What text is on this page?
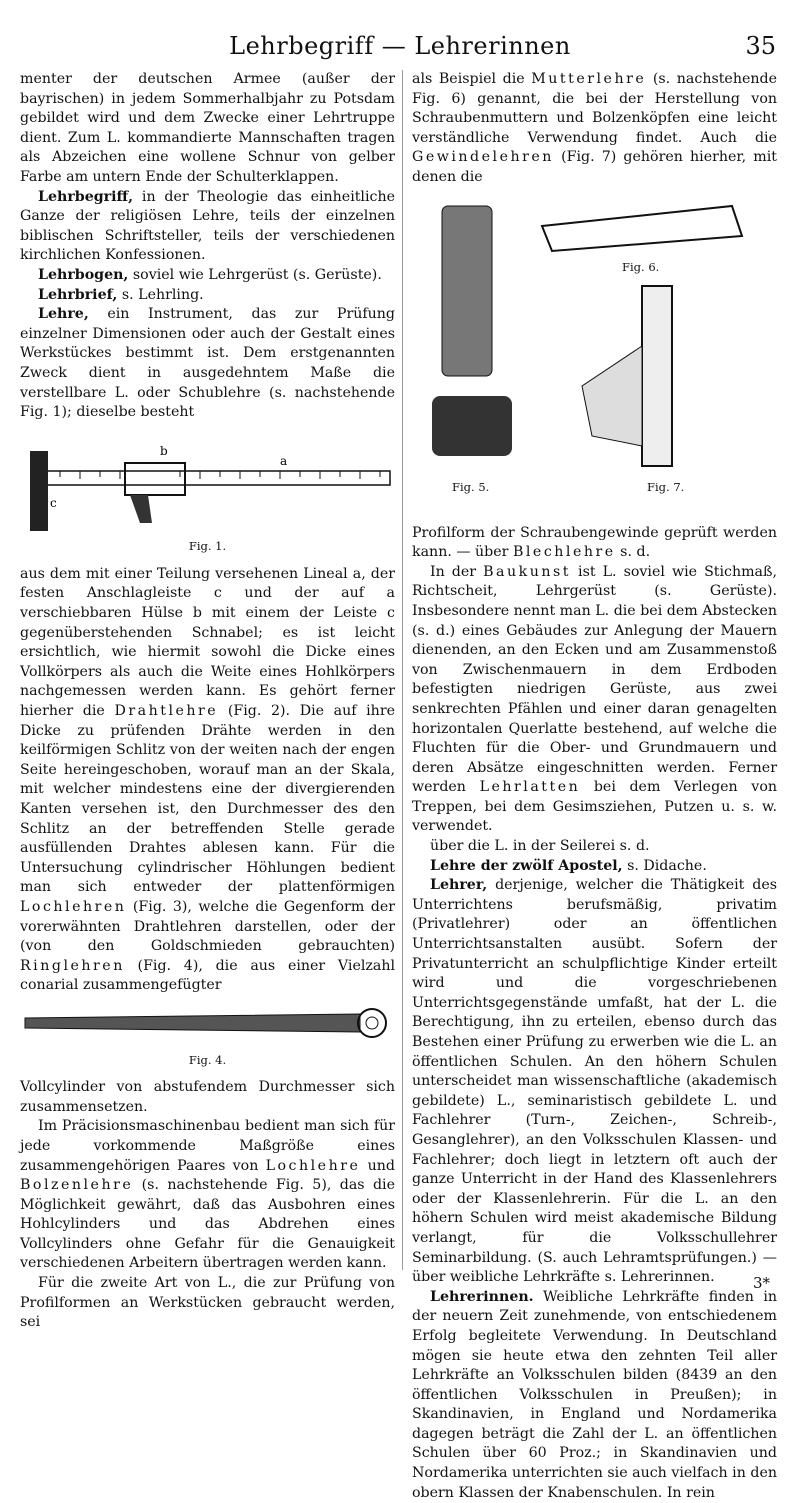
Lehrbegriff — Lehrerinnen	35

menter der deutschen Armee (außer der bayrischen) in jedem Sommerhalbjahr zu Potsdam gebildet wird und dem Zwecke einer Lehrtruppe dient. Zum L. kommandierte Mannschaften tragen als Abzeichen eine wollene Schnur von gelber Farbe am untern Ende der Schulterklappen.

Lehrbegriff, in der Theologie das einheitliche Ganze der religiösen Lehre, teils der einzelnen biblischen Schriftsteller, teils der verschiedenen kirchlichen Konfessionen.

Lehrbogen, soviel wie Lehrgerüst (s. Gerüste).

Lehrbrief, s. Lehrling.

Lehre, ein Instrument, das zur Prüfung einzelner Dimensionen oder auch der Gestalt eines Werkstückes bestimmt ist. Dem erstgenannten Zweck dient in ausgedehntem Maße die verstellbare L. oder Schublehre (s. nachstehende Fig. 1); dieselbe besteht

b
a
c
Fig. 1.

aus dem mit einer Teilung versehenen Lineal a, der festen Anschlagleiste c und der auf a verschiebbaren Hülse b mit einem der Leiste c gegenüberstehenden Schnabel; es ist leicht ersichtlich, wie hiermit sowohl die Dicke eines Vollkörpers als auch die Weite eines Hohlkörpers nachgemessen werden kann. Es gehört ferner hierher die Drahtlehre (Fig. 2). Die auf ihre Dicke zu prüfenden Drähte werden in den keilförmigen Schlitz von der weiten nach der engen Seite hereingeschoben, worauf man an der Skala, mit welcher mindestens eine der divergierenden Kanten versehen ist, den Durchmesser des den Schlitz an der betreffenden Stelle gerade ausfüllenden Drahtes ablesen kann. Für die Untersuchung cylindrischer Höhlungen bedient man sich entweder der plattenförmigen Lochlehren (Fig. 3), welche die Gegenform der vorerwähnten Drahtlehren darstellen, oder der (von den Goldschmieden gebrauchten) Ringlehren (Fig. 4), die aus einer Vielzahl conarial zusammengefügter

Fig. 4.

Vollcylinder von abstufendem Durchmesser sich zusammensetzen.

Im Präcisionsmaschinenbau bedient man sich für jede vorkommende Maßgröße eines zusammengehörigen Paares von Lochlehre und Bolzenlehre (s. nachstehende Fig. 5), das die Möglichkeit gewährt, daß das Ausbohren eines Hohlcylinders und das Abdrehen eines Vollcylinders ohne Gefahr für die Genauigkeit verschiedenen Arbeitern übertragen werden kann.

Für die zweite Art von L., die zur Prüfung von Profilformen an Werkstücken gebraucht werden, sei

als Beispiel die Mutterlehre (s. nachstehende Fig. 6) genannt, die bei der Herstellung von Schraubenmuttern und Bolzenköpfen eine leicht verständliche Verwendung findet. Auch die Gewindelehren (Fig. 7) gehören hierher, mit denen die

Fig. 5.
Fig. 6.
Fig. 7.

Profilform der Schraubengewinde geprüft werden kann. — über Blechlehre s. d.

In der Baukunst ist L. soviel wie Stichmaß, Richtscheit, Lehrgerüst (s. Gerüste). Insbesondere nennt man L. die bei dem Abstecken (s. d.) eines Gebäudes zur Anlegung der Mauern dienenden, an den Ecken und am Zusammenstoß von Zwischenmauern in dem Erdboden befestigten niedrigen Gerüste, aus zwei senkrechten Pfählen und einer daran genagelten horizontalen Querlatte bestehend, auf welche die Fluchten für die Ober- und Grundmauern und deren Absätze eingeschnitten werden. Ferner werden Lehrlatten bei dem Verlegen von Treppen, bei dem Gesimsziehen, Putzen u. s. w. verwendet.

über die L. in der Seilerei s. d.

Lehre der zwölf Apostel, s. Didache.

Lehrer, derjenige, welcher die Thätigkeit des Unterrichtens berufsmäßig, privatim (Privatlehrer) oder an öffentlichen Unterrichtsanstalten ausübt. Sofern der Privatunterricht an schulpflichtige Kinder erteilt wird und die vorgeschriebenen Unterrichtsgegenstände umfaßt, hat der L. die Berechtigung, ihn zu erteilen, ebenso durch das Bestehen einer Prüfung zu erwerben wie die L. an öffentlichen Schulen. An den höhern Schulen unterscheidet man wissenschaftliche (akademisch gebildete) L., seminaristisch gebildete L. und Fachlehrer (Turn-, Zeichen-, Schreib-, Gesanglehrer), an den Volksschulen Klassen- und Fachlehrer; doch liegt in letztern oft auch der ganze Unterricht in der Hand des Klassenlehrers oder der Klassenlehrerin. Für die L. an den höhern Schulen wird meist akademische Bildung verlangt, für die Volksschullehrer Seminarbildung. (S. auch Lehramtsprüfungen.) — über weibliche Lehrkräfte s. Lehrerinnen.

Lehrerinnen. Weibliche Lehrkräfte finden in der neuern Zeit zunehmende, von entschiedenem Erfolg begleitete Verwendung. In Deutschland mögen sie heute etwa den zehnten Teil aller Lehrkräfte an Volksschulen bilden (8439 an den öffentlichen Volksschulen in Preußen); in Skandinavien, in England und Nordamerika dagegen beträgt die Zahl der L. an öffentlichen Schulen über 60 Proz.; in Skandinavien und Nordamerika unterrichten sie auch vielfach in den obern Klassen der Knabenschulen. In rein

3*
